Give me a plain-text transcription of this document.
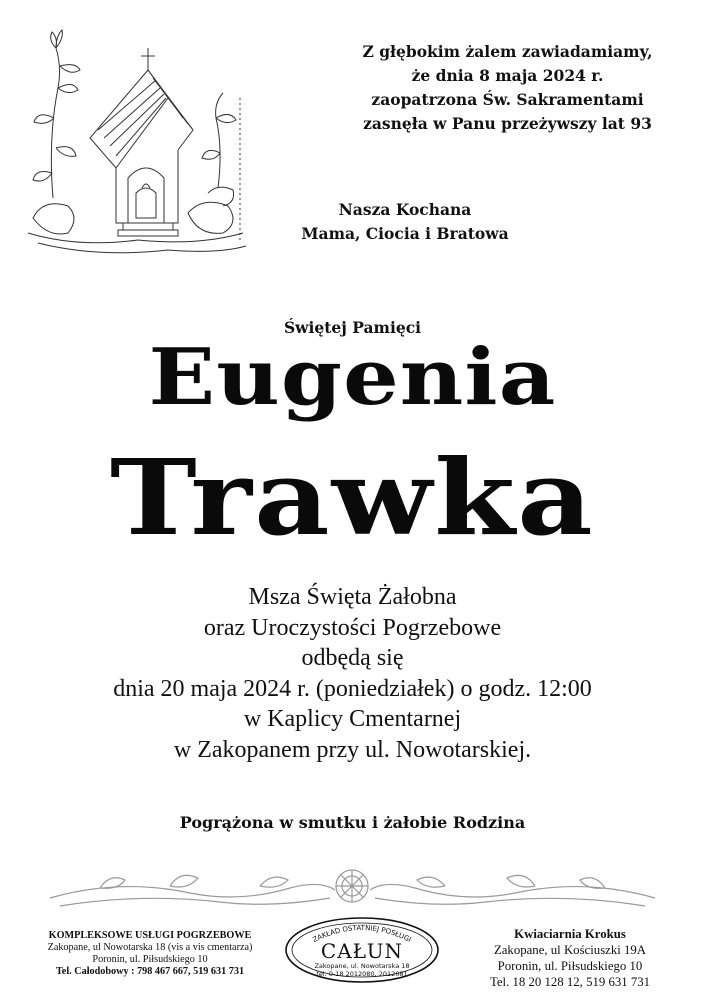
Z głębokim żalem zawiadamiamy,
że dnia 8 maja 2024 r.
zaopatrzona Św. Sakramentami
zasnęła w Panu przeżywszy lat 93
Nasza Kochana
Mama, Ciocia i Bratowa
Świętej Pamięci
Eugenia
Trawka
Msza Święta Żałobna
oraz Uroczystości Pogrzebowe
odbędą się
dnia 20 maja 2024 r. (poniedziałek) o godz. 12:00
w Kaplicy Cmentarnej
w Zakopanem przy ul. Nowotarskiej.
Pogrążona w smutku i żałobie Rodzina
KOMPLEKSOWE USŁUGI POGRZEBOWE
Zakopane, ul Nowotarska 18 (vis a vis cmentarza)
Poronin, ul. Piłsudskiego 10
Tel. Całodobowy : 798 467 667, 519 631 731
ZAKŁAD OSTATNIEJ POSŁUGI
CAŁUN
Zakopane, ul. Nowotarska 18
tel. 0-18 2012080, 2012081
Kwiaciarnia Krokus
Zakopane, ul Kościuszki 19A
Poronin, ul. Piłsudskiego 10
Tel. 18 20 128 12, 519 631 731
